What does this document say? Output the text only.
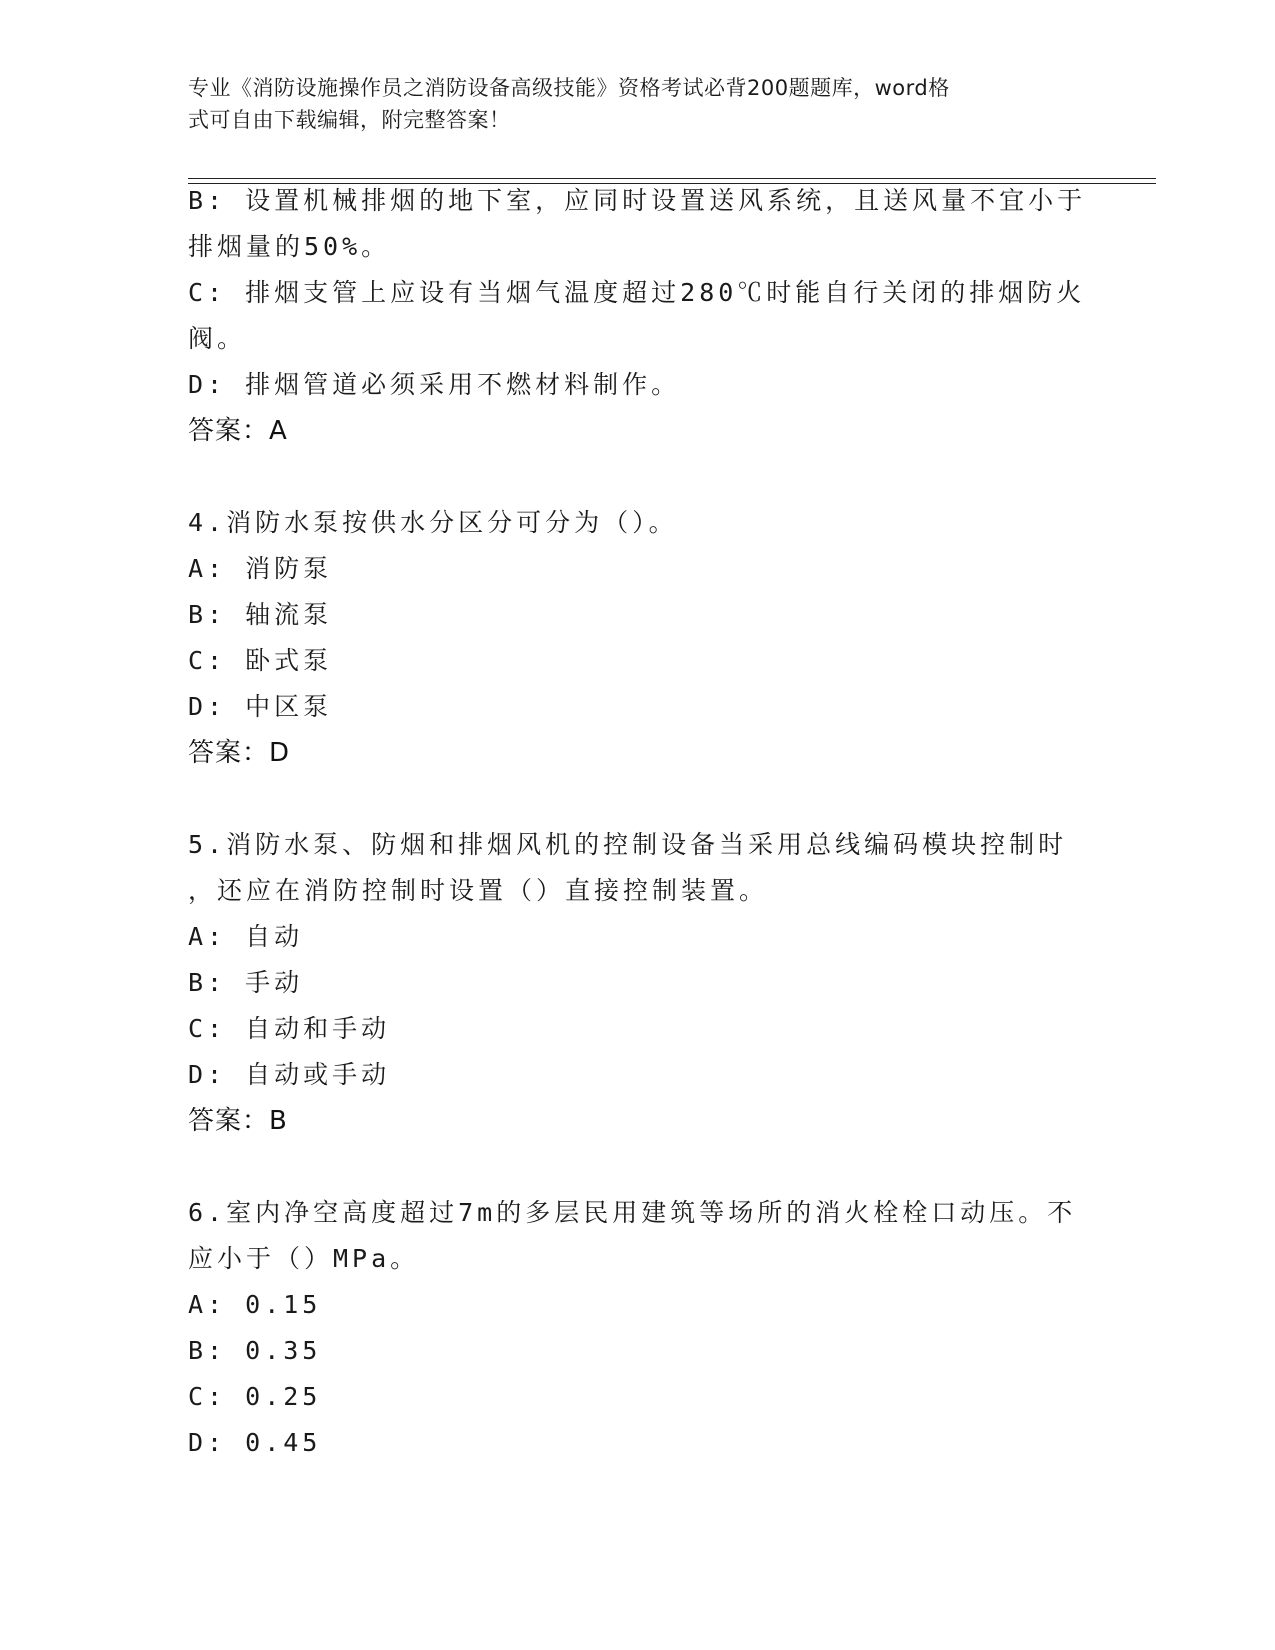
专业《消防设施操作员之消防设备高级技能》资格考试必背200题题库，word格
式可自由下载编辑，附完整答案！
B: 设置机械排烟的地下室，应同时设置送风系统，且送风量不宜小于
排烟量的50%。
C: 排烟支管上应设有当烟气温度超过280℃时能自行关闭的排烟防火
阀。
D: 排烟管道必须采用不燃材料制作。
答案：A
4.消防水泵按供水分区分可分为（）。
A: 消防泵
B: 轴流泵
C: 卧式泵
D: 中区泵
答案：D
5.消防水泵、防烟和排烟风机的控制设备当采用总线编码模块控制时
，还应在消防控制时设置（）直接控制装置。
A: 自动
B: 手动
C: 自动和手动
D: 自动或手动
答案：B
6.室内净空高度超过7m的多层民用建筑等场所的消火栓栓口动压。不
应小于（）MPa。
A: 0.15
B: 0.35
C: 0.25
D: 0.45
